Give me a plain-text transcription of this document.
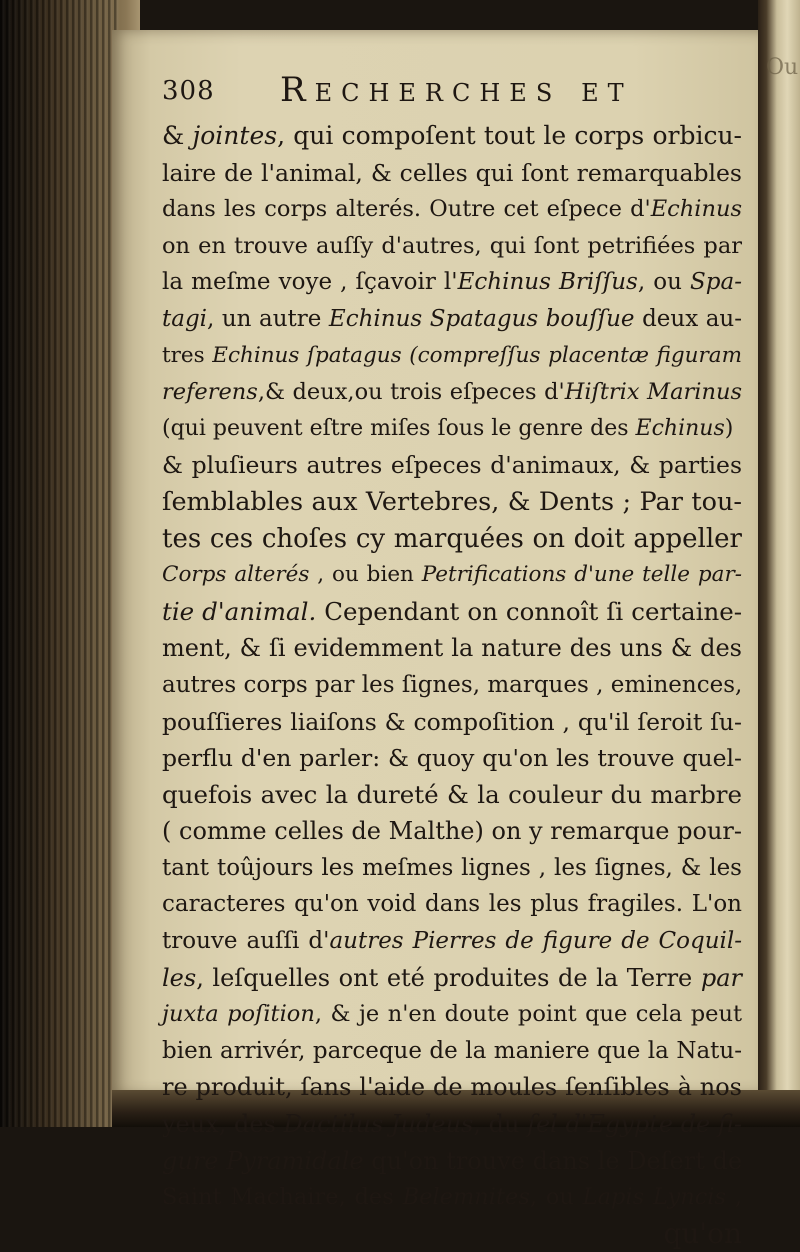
Ou
308 Recherches et
& jointes, qui compoſent tout le corps orbicu-
laire de l'animal, & celles qui ſont remarquables
dans les corps alterés. Outre cet eſpece d'Echinus
on en trouve auſſy d'autres, qui ſont petrifiées par
la meſme voye , ſçavoir l'Echinus Briſſus, ou Spa-
tagi, un autre Echinus Spatagus bouſſue deux au-
tres Echinus ſpatagus (compreſſus placentæ figuram
referens,& deux,ou trois eſpeces d'Hiſtrix Marinus
(qui peuvent eſtre miſes ſous le genre des Echinus)
& pluſieurs autres eſpeces d'animaux, & parties
ſemblables aux Vertebres, & Dents ; Par tou-
tes ces choſes cy marquées on doit appeller
Corps alterés , ou bien Petrifications d'une telle par-
tie d'animal. Cependant on connoît ſi certaine-
ment, & ſi evidemment la nature des uns & des
autres corps par les ſignes, marques , eminences,
pouſſieres liaiſons & compoſition , qu'il ſeroit ſu-
perflu d'en parler: & quoy qu'on les trouve quel-
quefois avec la dureté & la couleur du marbre
( comme celles de Malthe) on y remarque pour-
tant toûjours les meſmes lignes , les ſignes, & les
caractеres qu'on void dans les plus fragiles. L'on
trouve auſſi d'autres Pierres de figure de Coquil-
les, leſquelles ont eté produites de la Terre par
juxta poſition, & je n'en doute point que cela peut
bien arrivér, parceque de la maniere que la Natu-
re produit, ſans l'aide de moules ſenſibles à nos
yeux, des Dactilus Judeus, du ſel d'Egypte de fi-
gure Pyramidale qu'on trouve dans le Deſert de
Saint Machaire, des Belemnites, ou Lapis Lyncis ,
qu'on
